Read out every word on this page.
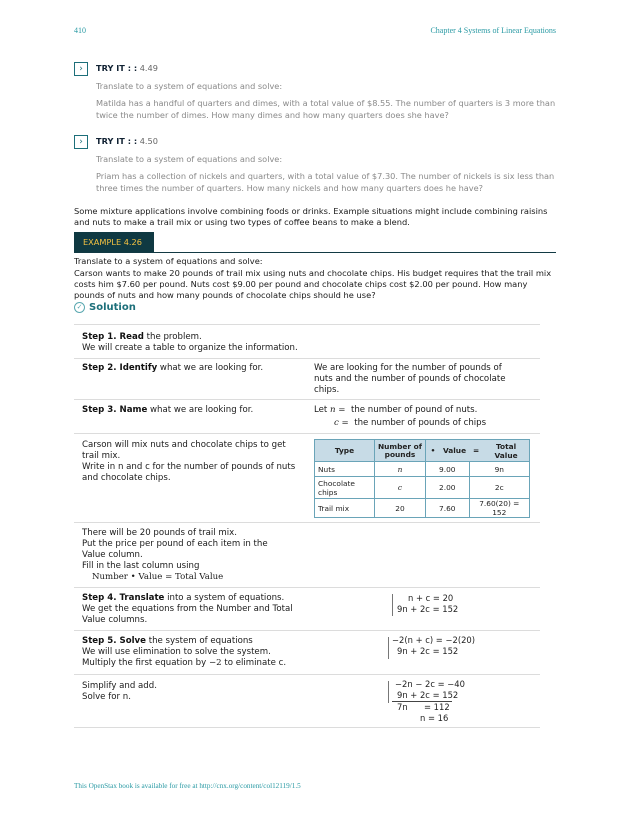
410	Chapter 4 Systems of Linear Equations
›	TRY IT : : 4.49
Translate to a system of equations and solve:
Matilda has a handful of quarters and dimes, with a total value of $8.55. The number of quarters is 3 more than twice the number of dimes. How many dimes and how many quarters does she have?
›	TRY IT : : 4.50
Translate to a system of equations and solve:
Priam has a collection of nickels and quarters, with a total value of $7.30. The number of nickels is six less than three times the number of quarters. How many nickels and how many quarters does he have?
Some mixture applications involve combining foods or drinks. Example situations might include combining raisins and nuts to make a trail mix or using two types of coffee beans to make a blend.
EXAMPLE 4.26
Translate to a system of equations and solve:
Carson wants to make 20 pounds of trail mix using nuts and chocolate chips. His budget requires that the trail mix costs him $7.60 per pound. Nuts cost $9.00 per pound and chocolate chips cost $2.00 per pound. How many pounds of nuts and how many pounds of chocolate chips should he use?
✓ Solution
Step 1. Read the problem.
We will create a table to organize the information.
Step 2. Identify what we are looking for.	We are looking for the number of pounds of nuts and the number of pounds of chocolate chips.
Step 3. Name what we are looking for.	Let n = the number of pound of nuts.
c = the number of pounds of chips
Carson will mix nuts and chocolate chips to get trail mix.
Write in n and c for the number of pounds of nuts and chocolate chips.
Type	Number of pounds	•	Value	=	Total Value
Nuts	n	9.00		9n	
Chocolate chips	c	2.00		2c	
Trail mix	20	7.60		7.60(20) = 152	
There will be 20 pounds of trail mix.
Put the price per pound of each item in the Value column.
Fill in the last column using
Number • Value = Total Value
Step 4. Translate into a system of equations.
We get the equations from the Number and Total Value columns.
n + c = 20
9n + 2c = 152
Step 5. Solve the system of equations
We will use elimination to solve the system.
Multiply the first equation by −2 to eliminate c.
−2(n + c) = −2(20)
9n + 2c = 152
Simplify and add.
Solve for n.
−2n − 2c = −40
9n + 2c = 152
7n = 112
n = 16
This OpenStax book is available for free at http://cnx.org/content/col12119/1.5
